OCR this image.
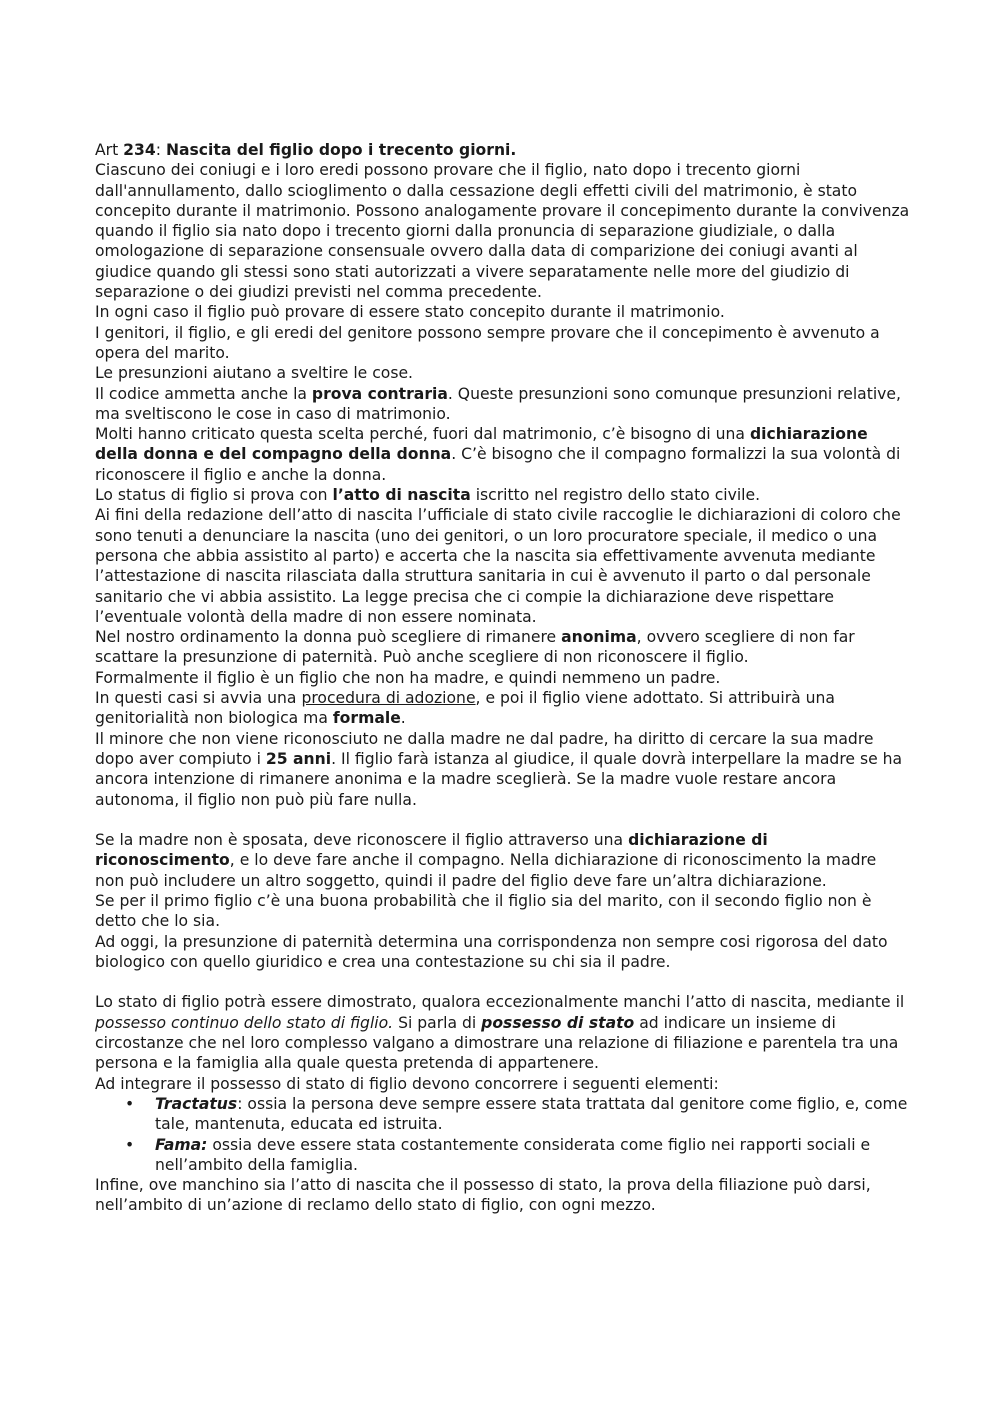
Art 234: Nascita del figlio dopo i trecento giorni.

Ciascuno dei coniugi e i loro eredi possono provare che il figlio, nato dopo i trecento giorni dall'annullamento, dallo scioglimento o dalla cessazione degli effetti civili del matrimonio, è stato concepito durante il matrimonio. Possono analogamente provare il concepimento durante la convivenza quando il figlio sia nato dopo i trecento giorni dalla pronuncia di separazione giudiziale, o dalla omologazione di separazione consensuale ovvero dalla data di comparizione dei coniugi avanti al giudice quando gli stessi sono stati autorizzati a vivere separatamente nelle more del giudizio di separazione o dei giudizi previsti nel comma precedente.

In ogni caso il figlio può provare di essere stato concepito durante il matrimonio.

I genitori, il figlio, e gli eredi del genitore possono sempre provare che il concepimento è avvenuto a opera del marito.

Le presunzioni aiutano a sveltire le cose.

Il codice ammetta anche la prova contraria. Queste presunzioni sono comunque presunzioni relative, ma sveltiscono le cose in caso di matrimonio.

Molti hanno criticato questa scelta perché, fuori dal matrimonio, c’è bisogno di una dichiarazione della donna e del compagno della donna. C’è bisogno che il compagno formalizzi la sua volontà di riconoscere il figlio e anche la donna.

Lo status di figlio si prova con l’atto di nascita iscritto nel registro dello stato civile.

Ai fini della redazione dell’atto di nascita l’ufficiale di stato civile raccoglie le dichiarazioni di coloro che sono tenuti a denunciare la nascita (uno dei genitori, o un loro procuratore speciale, il medico o una persona che abbia assistito al parto) e accerta che la nascita sia effettivamente avvenuta mediante l’attestazione di nascita rilasciata dalla struttura sanitaria in cui è avvenuto il parto o dal personale sanitario che vi abbia assistito. La legge precisa che ci compie la dichiarazione deve rispettare l’eventuale volontà della madre di non essere nominata.

Nel nostro ordinamento la donna può scegliere di rimanere anonima, ovvero scegliere di non far scattare la presunzione di paternità. Può anche scegliere di non riconoscere il figlio.

Formalmente il figlio è un figlio che non ha madre, e quindi nemmeno un padre.

In questi casi si avvia una procedura di adozione, e poi il figlio viene adottato. Si attribuirà una genitorialità non biologica ma formale.

Il minore che non viene riconosciuto ne dalla madre ne dal padre, ha diritto di cercare la sua madre dopo aver compiuto i 25 anni. Il figlio farà istanza al giudice, il quale dovrà interpellare la madre se ha ancora intenzione di rimanere anonima e la madre sceglierà. Se la madre vuole restare ancora autonoma, il figlio non può più fare nulla.

Se la madre non è sposata, deve riconoscere il figlio attraverso una dichiarazione di riconoscimento, e lo deve fare anche il compagno. Nella dichiarazione di riconoscimento la madre non può includere un altro soggetto, quindi il padre del figlio deve fare un’altra dichiarazione.

Se per il primo figlio c’è una buona probabilità che il figlio sia del marito, con il secondo figlio non è detto che lo sia.

Ad oggi, la presunzione di paternità determina una corrispondenza non sempre cosi rigorosa del dato biologico con quello giuridico e crea una contestazione su chi sia il padre.

Lo stato di figlio potrà essere dimostrato, qualora eccezionalmente manchi l’atto di nascita, mediante il possesso continuo dello stato di figlio. Si parla di possesso di stato ad indicare un insieme di circostanze che nel loro complesso valgano a dimostrare una relazione di filiazione e parentela tra una persona e la famiglia alla quale questa pretenda di appartenere.

Ad integrare il possesso di stato di figlio devono concorrere i seguenti elementi:

• Tractatus: ossia la persona deve sempre essere stata trattata dal genitore come figlio, e, come tale, mantenuta, educata ed istruita.
• Fama: ossia deve essere stata costantemente considerata come figlio nei rapporti sociali e nell’ambito della famiglia.

Infine, ove manchino sia l’atto di nascita che il possesso di stato, la prova della filiazione può darsi, nell’ambito di un’azione di reclamo dello stato di figlio, con ogni mezzo.
